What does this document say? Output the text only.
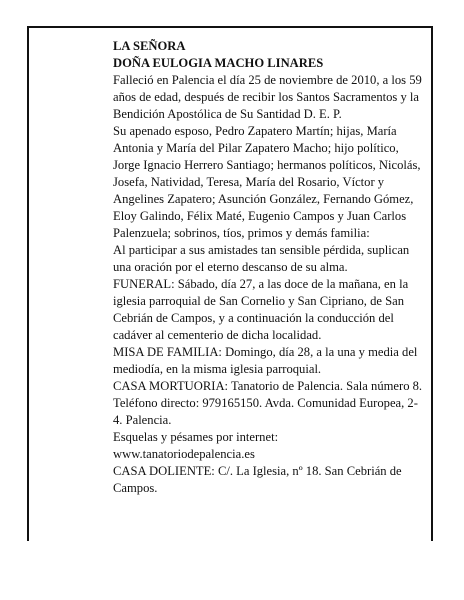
LA SEÑORA
DOÑA EULOGIA MACHO LINARES

Falleció en Palencia el día 25 de noviembre de 2010, a los 59 años de edad, después de recibir los Santos Sacramentos y la Bendición Apostólica de Su Santidad D. E. P.

Su apenado esposo, Pedro Zapatero Martín; hijas, María Antonia y María del Pilar Zapatero Macho; hijo político, Jorge Ignacio Herrero Santiago; hermanos políticos, Nicolás, Josefa, Natividad, Teresa, María del Rosario, Víctor y Angelines Zapatero; Asunción González, Fernando Gómez, Eloy Galindo, Félix Maté, Eugenio Campos y Juan Carlos Palenzuela; sobrinos, tíos, primos y demás familia:

Al participar a sus amistades tan sensible pérdida, suplican una oración por el eterno descanso de su alma.

FUNERAL: Sábado, día 27, a las doce de la mañana, en la iglesia parroquial de San Cornelio y San Cipriano, de San Cebrián de Campos, y a continuación la conducción del cadáver al cementerio de dicha localidad.

MISA DE FAMILIA: Domingo, día 28, a la una y media del mediodía, en la misma iglesia parroquial.

CASA MORTUORIA: Tanatorio de Palencia. Sala número 8. Teléfono directo: 979165150. Avda. Comunidad Europea, 2-4. Palencia.

Esquelas y pésames por internet:

www.tanatoriodepalencia.es

CASA DOLIENTE: C/. La Iglesia, nº 18. San Cebrián de Campos.
